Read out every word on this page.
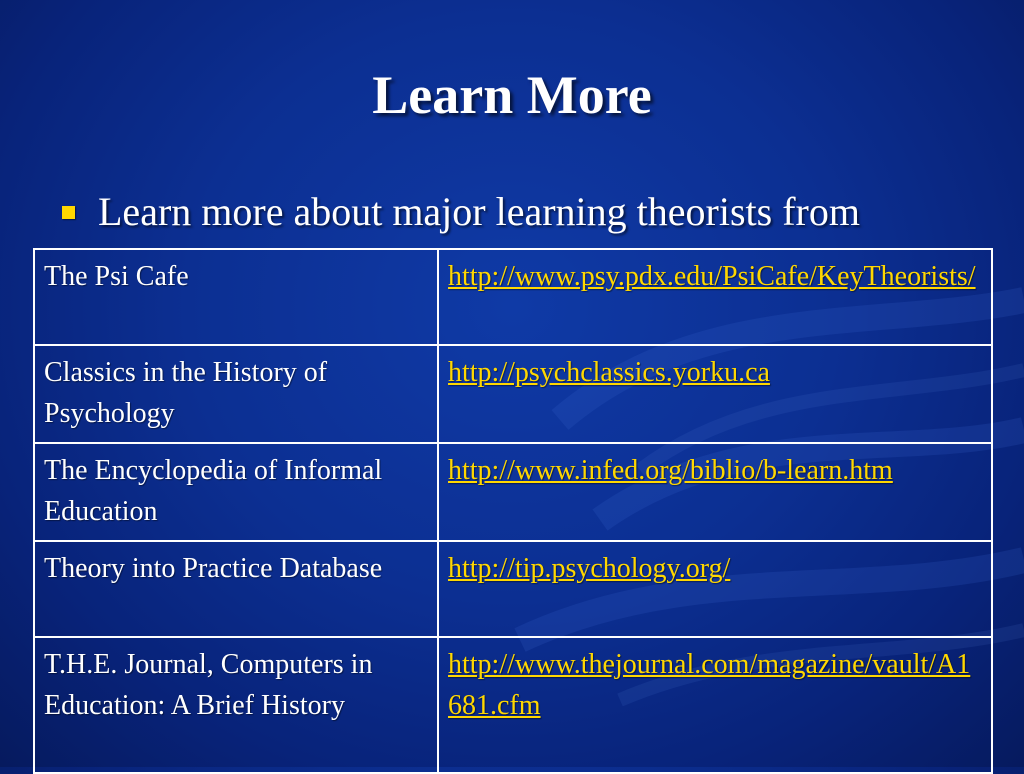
Learn More
Learn more about major learning theorists from
The Psi Cafe	http://www.psy.pdx.edu/PsiCafe/KeyTheorists/
Classics in the History of Psychology	http://psychclassics.yorku.ca
The Encyclopedia of Informal Education	http://www.infed.org/biblio/b-learn.htm
Theory into Practice Database	http://tip.psychology.org/
T.H.E. Journal, Computers in Education: A Brief History	http://www.thejournal.com/magazine/vault/A1681.cfm
